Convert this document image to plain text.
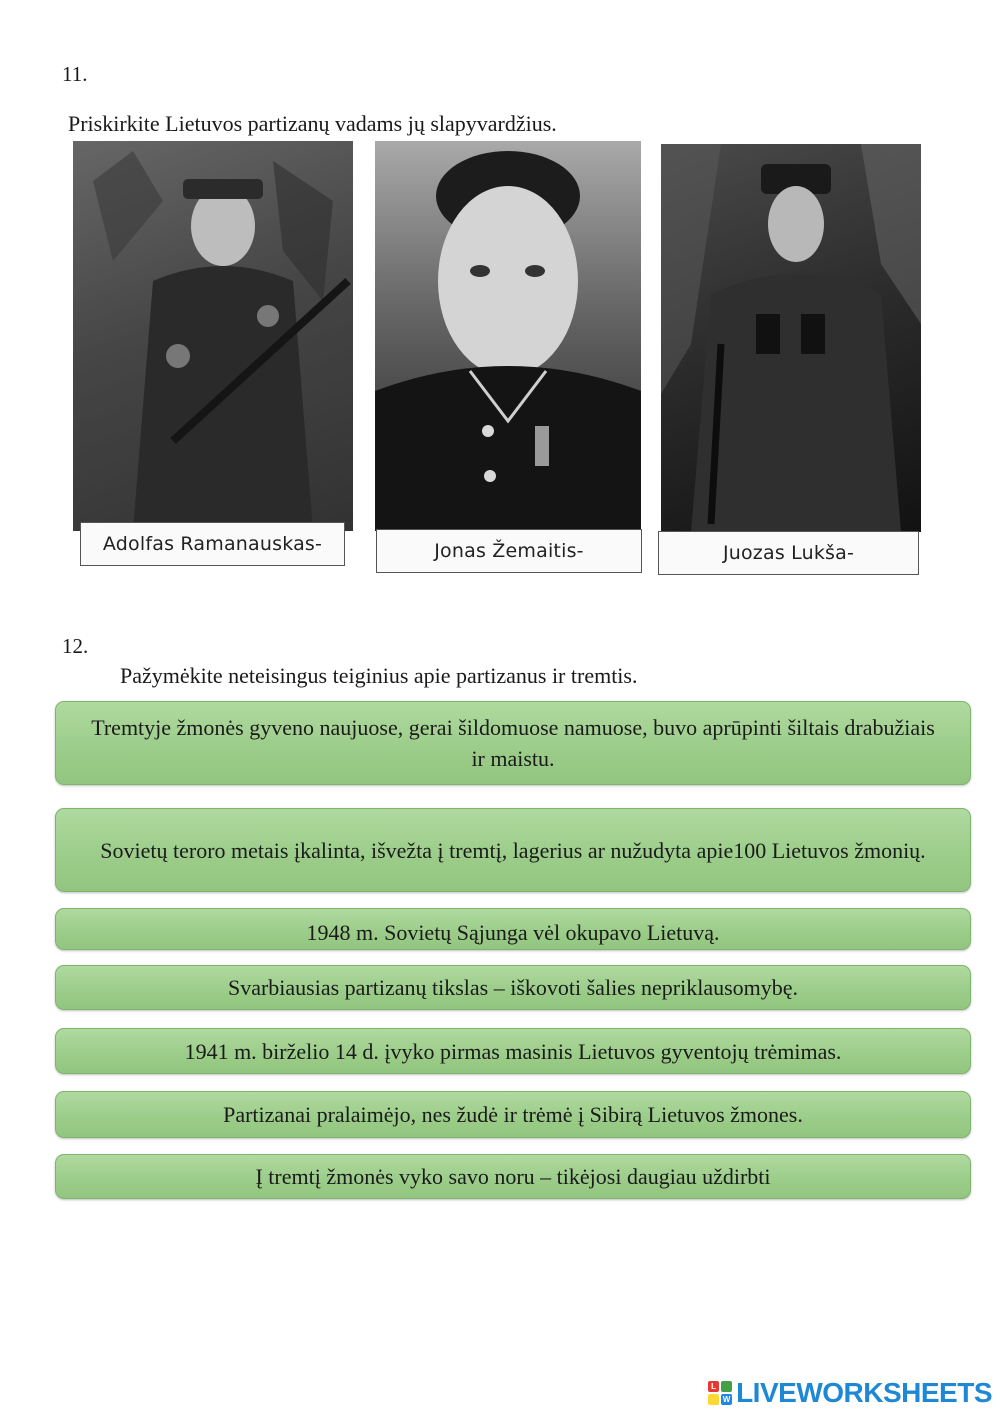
11.
Priskirkite Lietuvos partizanų vadams jų slapyvardžius.
Adolfas Ramanauskas-	Jonas Žemaitis-	Juozas Lukša-
12.
Pažymėkite neteisingus teiginius apie partizanus ir tremtis.
Tremtyje žmonės gyveno naujuose, gerai šildomuose namuose, buvo aprūpinti šiltais drabužiais ir maistu.
Sovietų teroro metais įkalinta, išvežta į tremtį, lagerius ar nužudyta apie100 Lietuvos žmonių.
1948 m. Sovietų Sąjunga vėl okupavo Lietuvą.
Svarbiausias partizanų tikslas – iškovoti šalies nepriklausomybę.
1941 m. birželio 14 d. įvyko pirmas masinis Lietuvos gyventojų trėmimas.
Partizanai pralaimėjo, nes žudė ir trėmė į Sibirą Lietuvos žmones.
Į tremtį žmonės vyko savo noru – tikėjosi daugiau uždirbti
L
W LIVEWORKSHEETS
